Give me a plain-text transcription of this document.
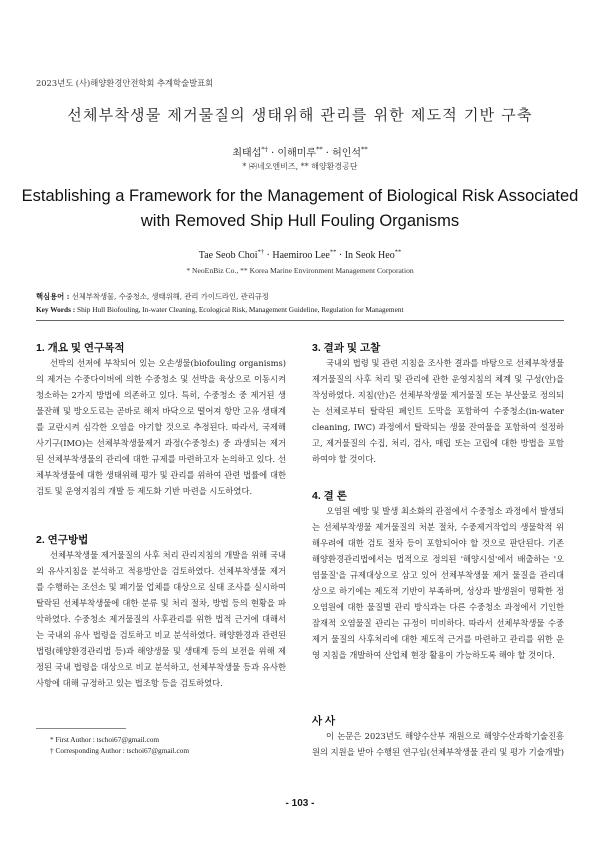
2023년도 (사)해양환경안전학회 추계학술발표회
선체부착생물 제거물질의 생태위해 관리를 위한 제도적 기반 구축
최태섭*† · 이해미루** · 허인석**
* ㈜네오엔비즈, ** 해양환경공단
Establishing a Framework for the Management of Biological Risk Associated
with Removed Ship Hull Fouling Organisms
Tae Seob Choi*† · Haemiroo Lee** · In Seok Heo**
* NeoEnBiz Co., ** Korea Marine Environment Management Corporation
핵심용어 : 선체부착생물, 수중청소, 생태위해, 관리 가이드라인, 관리규정
Key Words : Ship Hull Biofouling, In-water Cleaning, Ecological Risk, Management Guideline, Regulation for Management
1. 개요 및 연구목적
선박의 선저에 부착되어 있는 오손생물(biofouling organisms)의 제거는 수중다이버에 의한 수중청소 및 선박을 육상으로 이동시켜 청소하는 2가지 방법에 의존하고 있다. 특히, 수중청소 중 제거된 생물잔해 및 방오도료는 곧바로 해저 바닥으로 떨어져 항만 고유 생태계를 교란시켜 심각한 오염을 야기할 것으로 추정된다. 따라서, 국제해사기구(IMO)는 선체부착생물제거 과정(수중청소) 중 과생되는 제거된 선체부착생물의 관리에 대한 규제를 마련하고자 논의하고 있다. 선체부착생물에 대한 생태위해 평가 및 관리를 위하여 관련 법률에 대한 검토 및 운영지침의 개발 등 제도화 기반 마련을 시도하였다.
2. 연구방법
선체부착생물 제거물질의 사후 처리 관리지침의 개발을 위해 국내외 유사지침을 분석하고 적용방안을 검토하였다. 선체부착생물 제거를 수행하는 조선소 및 폐기물 업체를 대상으로 실태 조사를 실시하여 탈락된 선체부착생물에 대한 분류 및 처리 절차, 방법 등의 현황을 파악하였다. 수중청소 제거물질의 사후관리를 위한 법적 근거에 대해서는 국내외 유사 법령을 검토하고 비교 분석하였다. 해양환경과 관련된 법령(해양환경관리법 등)과 해양생물 및 생태계 등의 보전을 위해 제정된 국내 법령을 대상으로 비교 분석하고, 선체부착생물 등과 유사한 사항에 대해 규정하고 있는 법조항 등을 검토하였다.
3. 결과 및 고찰
국내외 법령 및 관련 지침을 조사한 결과를 바탕으로 선체부착생물 제거물질의 사후 처리 및 관리에 관한 운영지침의 체계 및 구성(안)을 작성하였다. 지침(안)은 선체부착생물 제거물질 또는 부산물로 정의되는 선체로부터 탈락된 페인트 도막을 포함하여 수중청소(in-water cleaning, IWC) 과정에서 탈락되는 생물 잔여물을 포함하여 설정하고, 제거물질의 수집, 처리, 검사, 매립 또는 고립에 대한 방법을 포함하여야 할 것이다.
4. 결 론
오염원 예방 및 발생 최소화의 관점에서 수중청소 과정에서 발생되는 선체부착생물 제거물질의 처분 절차, 수중제거작업의 생물학적 위해우려에 대한 검토 절차 등이 포함되어야 할 것으로 판단된다. 기존 해양환경관리법에서는 법적으로 정의된 '해양시설'에서 배출하는 '오염물질'을 규제대상으로 삼고 있어 선체부착생물 제거 물질을 관리대상으로 하기에는 제도적 기반이 부족하며, 성상과 발생원이 명확한 정오염원에 대한 물질별 관리 방식과는 다른 수중청소 과정에서 기인한 잠재적 오염물질 관리는 규정이 미비하다. 따라서 선체부착생물 수중제거 물질의 사후처리에 대한 제도적 근거를 마련하고 관리를 위한 운영 지침을 개발하여 산업체 현장 활용이 가능하도록 해야 할 것이다.
사 사
이 논문은 2023년도 해양수산부 재원으로 해양수산과학기술진흥원의 지원을 받아 수행된 연구임(선체부착생물 관리 및 평가 기술개발)
* First Author : tschoi67@gmail.com
† Corresponding Author : tschoi67@gmail.com
- 103 -
